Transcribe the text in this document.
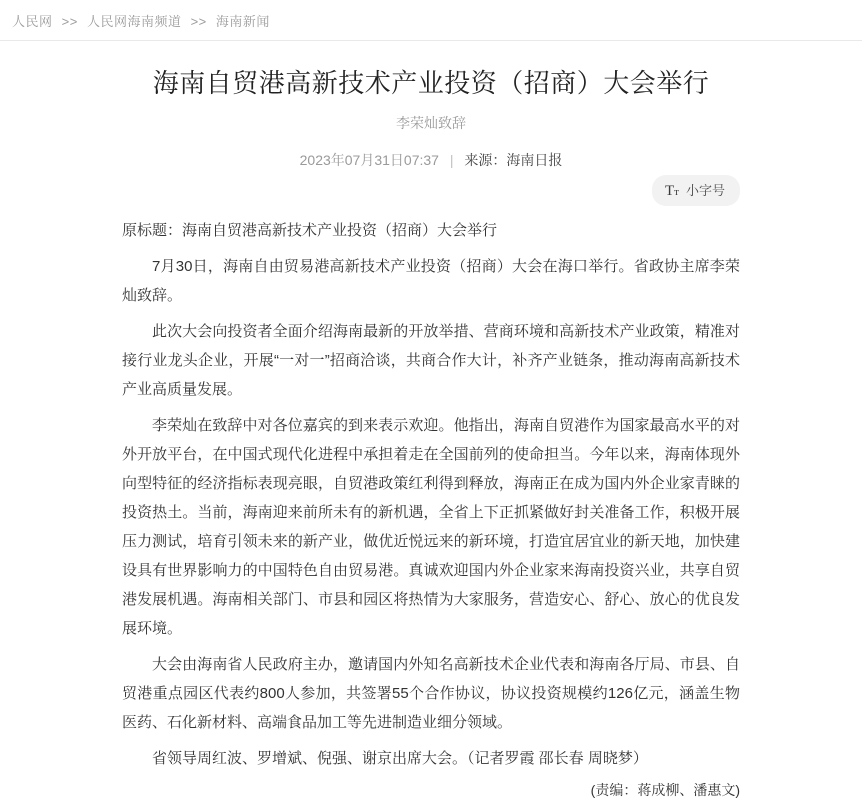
人民网 >> 人民网海南频道 >> 海南新闻
海南自贸港高新技术产业投资（招商）大会举行
李荣灿致辞
2023年07月31日07:37 | 来源：海南日报
Tт 小字号

原标题：海南自贸港高新技术产业投资（招商）大会举行

7月30日，海南自由贸易港高新技术产业投资（招商）大会在海口举行。省政协主席李荣灿致辞。

此次大会向投资者全面介绍海南最新的开放举措、营商环境和高新技术产业政策，精准对接行业龙头企业，开展“一对一”招商洽谈，共商合作大计，补齐产业链条，推动海南高新技术产业高质量发展。

李荣灿在致辞中对各位嘉宾的到来表示欢迎。他指出，海南自贸港作为国家最高水平的对外开放平台，在中国式现代化进程中承担着走在全国前列的使命担当。今年以来，海南体现外向型特征的经济指标表现亮眼，自贸港政策红利得到释放，海南正在成为国内外企业家青睐的投资热土。当前，海南迎来前所未有的新机遇，全省上下正抓紧做好封关准备工作，积极开展压力测试，培育引领未来的新产业，做优近悦远来的新环境，打造宜居宜业的新天地，加快建设具有世界影响力的中国特色自由贸易港。真诚欢迎国内外企业家来海南投资兴业，共享自贸港发展机遇。海南相关部门、市县和园区将热情为大家服务，营造安心、舒心、放心的优良发展环境。

大会由海南省人民政府主办，邀请国内外知名高新技术企业代表和海南各厅局、市县、自贸港重点园区代表约800人参加，共签署55个合作协议，协议投资规模约126亿元，涵盖生物医药、石化新材料、高端食品加工等先进制造业细分领域。

省领导周红波、罗增斌、倪强、谢京出席大会。（记者罗霞 邵长春 周晓梦）

(责编：蒋成柳、潘惠文)
